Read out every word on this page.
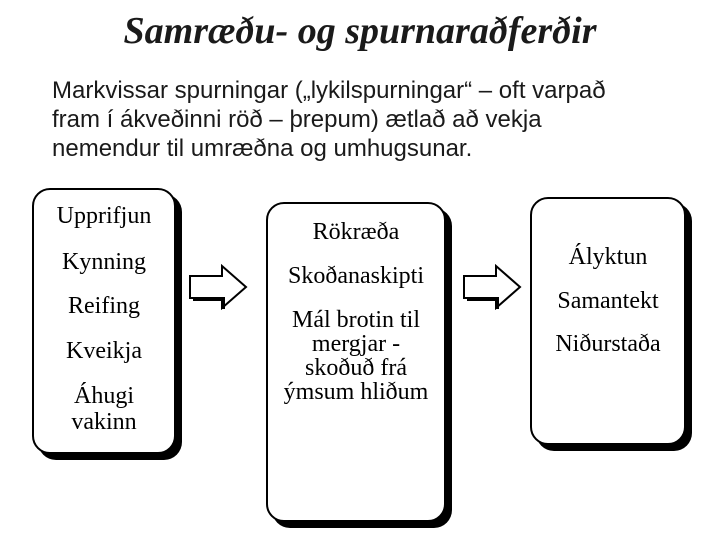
Samræðu- og spurnaraðferðir
Markvissar spurningar („lykilspurningar“ – oft varpað
fram í ákveðinni röð – þrepum) ætlað að vekja
nemendur til umræðna og umhugsunar.
Upprifjun
Kynning
Reifing
Kveikja
Áhugi
vakinn
Rökræða
Skoðanaskipti
Mál brotin til
mergjar -
skoðuð frá
ýmsum hliðum
Ályktun
Samantekt
Niðurstaða
